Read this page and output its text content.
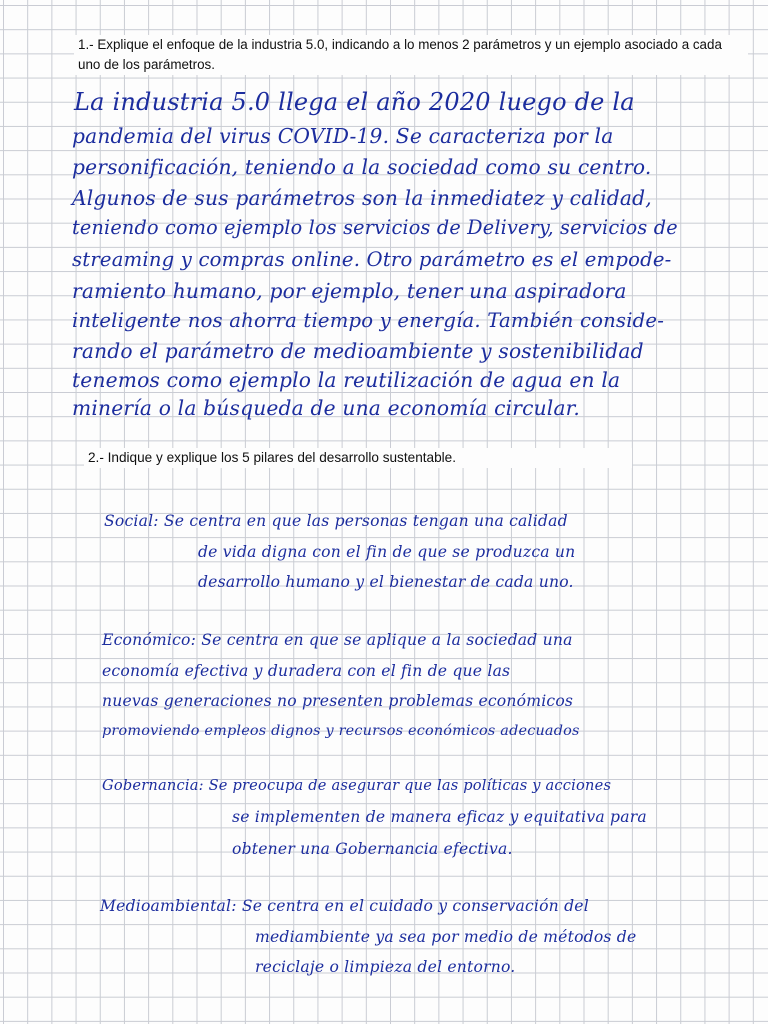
1.- Explique el enfoque de la industria 5.0, indicando a lo menos 2 parámetros y un ejemplo asociado a cada uno de los parámetros.
La industria 5.0 llega el año 2020 luego de la
pandemia del virus COVID-19. Se caracteriza por la
personificación, teniendo a la sociedad como su centro.
Algunos de sus parámetros son la inmediatez y calidad,
teniendo como ejemplo los servicios de Delivery, servicios de
streaming y compras online. Otro parámetro es el empode-
ramiento humano, por ejemplo, tener una aspiradora
inteligente nos ahorra tiempo y energía. También conside-
rando el parámetro de medioambiente y sostenibilidad
tenemos como ejemplo la reutilización de agua en la
minería o la búsqueda de una economía circular.
2.- Indique y explique los 5 pilares del desarrollo sustentable.
Social: Se centra en que las personas tengan una calidad
de vida digna con el fin de que se produzca un
desarrollo humano y el bienestar de cada uno.
Económico: Se centra en que se aplique a la sociedad una
economía efectiva y duradera con el fin de que las
nuevas generaciones no presenten problemas económicos
promoviendo empleos dignos y recursos económicos adecuados
Gobernancia: Se preocupa de asegurar que las políticas y acciones
se implementen de manera eficaz y equitativa para
obtener una Gobernancia efectiva.
Medioambiental: Se centra en el cuidado y conservación del
mediambiente ya sea por medio de métodos de
reciclaje o limpieza del entorno.
